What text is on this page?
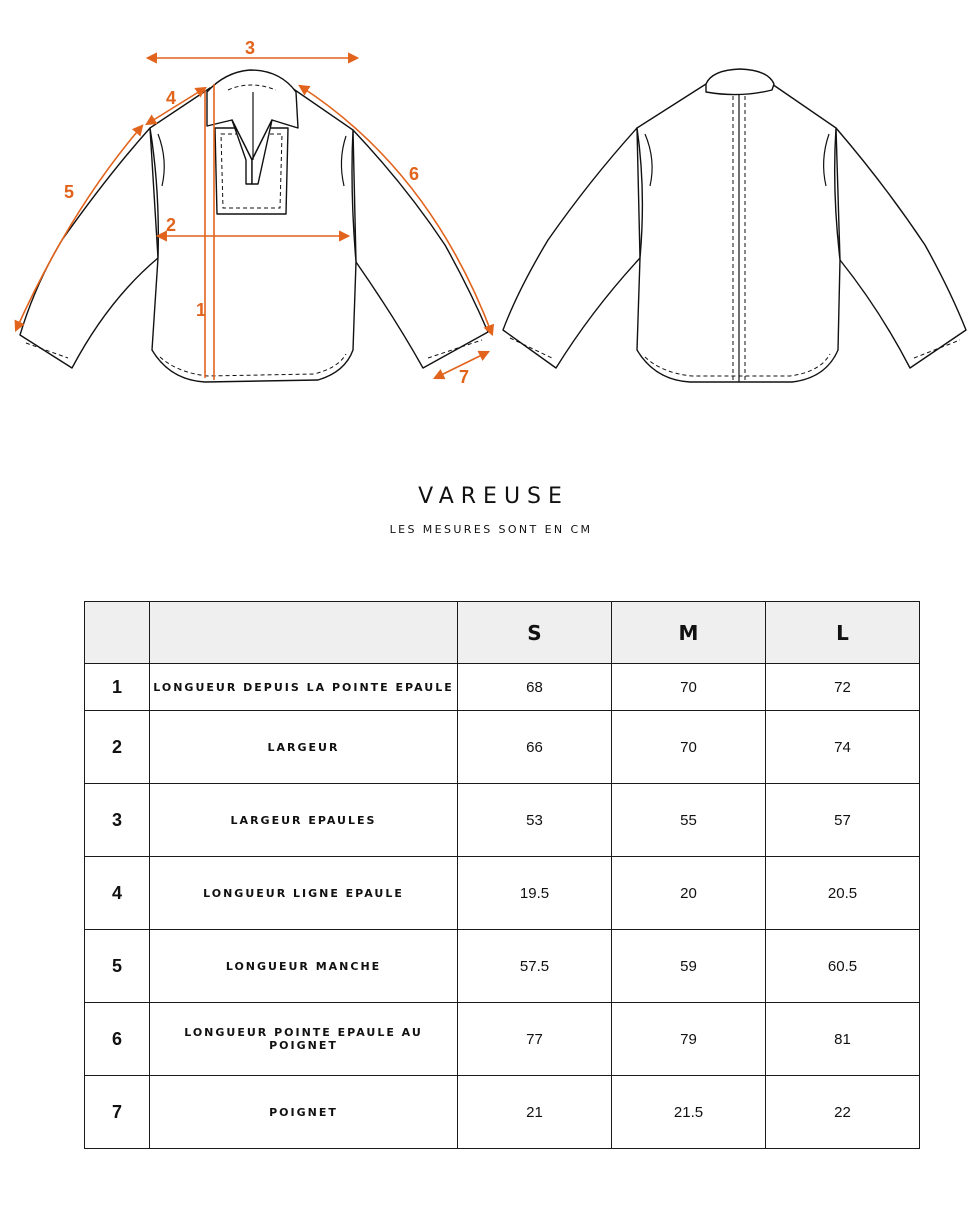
1
2
3
4
5
6
7
VAREUSE
LES MESURES SONT EN CM
		S	M	L
1	LONGUEUR DEPUIS LA POINTE EPAULE	68	70	72
2	LARGEUR	66	70	74
3	LARGEUR EPAULES	53	55	57
4	LONGUEUR LIGNE EPAULE	19.5	20	20.5
5	LONGUEUR MANCHE	57.5	59	60.5
6	LONGUEUR POINTE EPAULE AU POIGNET	77	79	81
7	POIGNET	21	21.5	22
